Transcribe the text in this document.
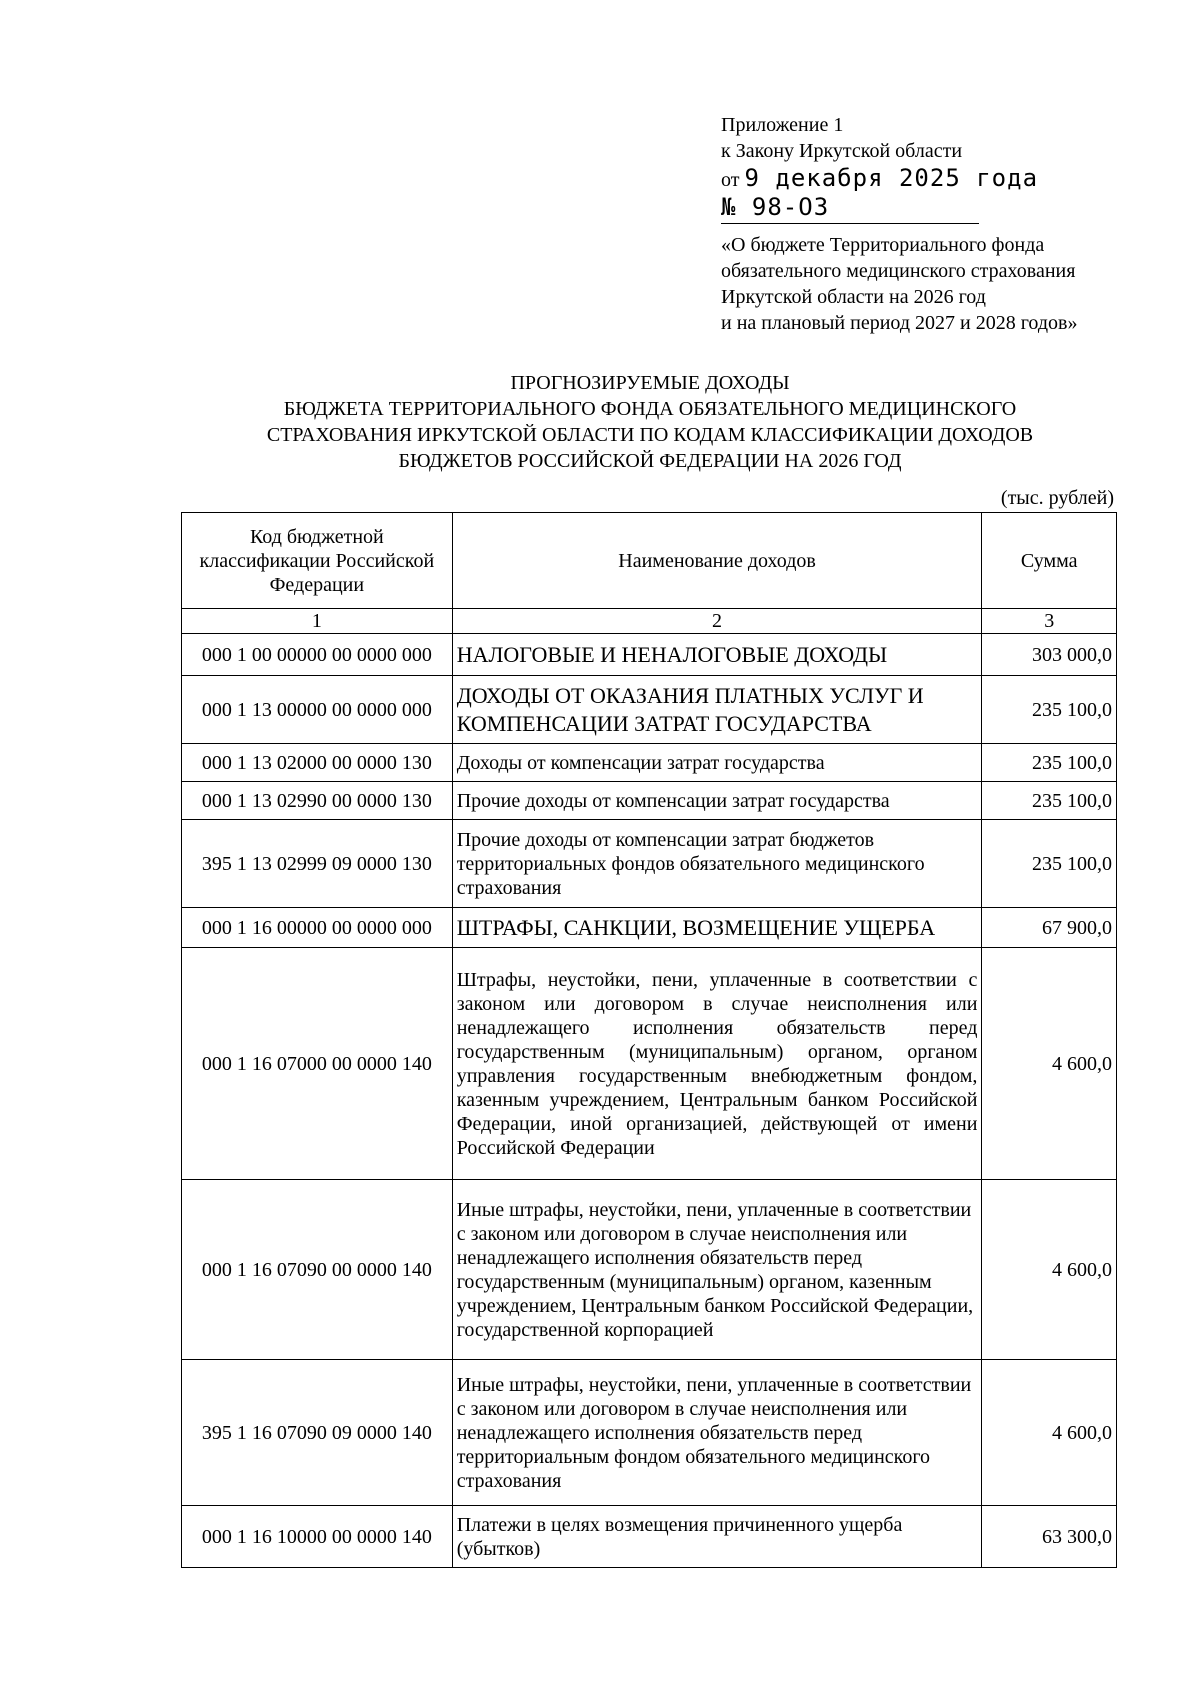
Приложение 1
к Закону Иркутской области
от 9 декабря 2025 года
№ 98-ОЗ
«О бюджете Территориального фонда
обязательного медицинского страхования
Иркутской области на 2026 год
и на плановый период 2027 и 2028 годов»
ПРОГНОЗИРУЕМЫЕ ДОХОДЫ
БЮДЖЕТА ТЕРРИТОРИАЛЬНОГО ФОНДА ОБЯЗАТЕЛЬНОГО МЕДИЦИНСКОГО
СТРАХОВАНИЯ ИРКУТСКОЙ ОБЛАСТИ ПО КОДАМ КЛАССИФИКАЦИИ ДОХОДОВ
БЮДЖЕТОВ РОССИЙСКОЙ ФЕДЕРАЦИИ НА 2026 ГОД
(тыс. рублей)
Код бюджетной классификации Российской Федерации	Наименование доходов	Сумма
1	2	3
000 1 00 00000 00 0000 000	НАЛОГОВЫЕ И НЕНАЛОГОВЫЕ ДОХОДЫ	303 000,0
000 1 13 00000 00 0000 000	ДОХОДЫ ОТ ОКАЗАНИЯ ПЛАТНЫХ УСЛУГ И КОМПЕНСАЦИИ ЗАТРАТ ГОСУДАРСТВА	235 100,0
000 1 13 02000 00 0000 130	Доходы от компенсации затрат государства	235 100,0
000 1 13 02990 00 0000 130	Прочие доходы от компенсации затрат государства	235 100,0
395 1 13 02999 09 0000 130	Прочие доходы от компенсации затрат бюджетов территориальных фондов обязательного медицинского страхования	235 100,0
000 1 16 00000 00 0000 000	ШТРАФЫ, САНКЦИИ, ВОЗМЕЩЕНИЕ УЩЕРБА	67 900,0
000 1 16 07000 00 0000 140	Штрафы, неустойки, пени, уплаченные в соответствии с законом или договором в случае неисполнения или ненадлежащего исполнения обязательств перед государственным (муниципальным) органом, органом управления государственным внебюджетным фондом, казенным учреждением, Центральным банком Российской Федерации, иной организацией, действующей от имени Российской Федерации	4 600,0
000 1 16 07090 00 0000 140	Иные штрафы, неустойки, пени, уплаченные в соответствии с законом или договором в случае неисполнения или ненадлежащего исполнения обязательств перед государственным (муниципальным) органом, казенным учреждением, Центральным банком Российской Федерации, государственной корпорацией	4 600,0
395 1 16 07090 09 0000 140	Иные штрафы, неустойки, пени, уплаченные в соответствии с законом или договором в случае неисполнения или ненадлежащего исполнения обязательств перед территориальным фондом обязательного медицинского страхования	4 600,0
000 1 16 10000 00 0000 140	Платежи в целях возмещения причиненного ущерба (убытков)	63 300,0
